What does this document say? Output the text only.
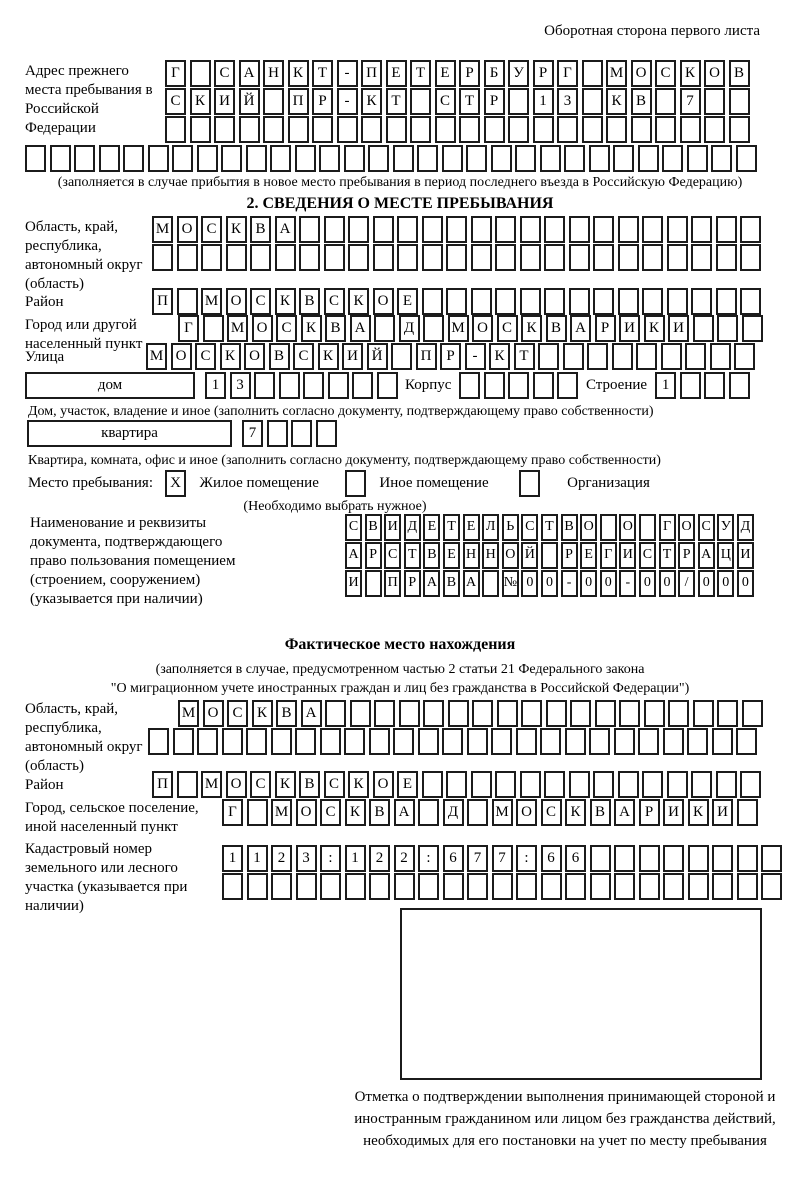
Оборотная сторона первого листа
Адрес прежнего места пребывания в Российской Федерации
Г	С А Н К Т - П Е Т Е Р Б У Р Г	М О С К О В
С К И Й	П Р - К Т	С Т Р	1 3	К В	7
(заполняется в случае прибытия в новое место пребывания в период последнего въезда в Российскую Федерацию)
2. СВЕДЕНИЯ О МЕСТЕ ПРЕБЫВАНИЯ
Область, край, республика, автономный округ (область)
М О С К В А
Район	П М О С К В С К О Е
Город или другой населенный пункт
Г	М О С К В А	Д М О С К В А Р И К И
Улица	М О С К О В С К И Й	П Р - К Т
дом	1 3	Корпус	Строение 1
Дом, участок, владение и иное (заполнить согласно документу, подтверждающему право собственности)
квартира	7
Квартира, комната, офис и иное (заполнить согласно документу, подтверждающему право собственности)
Место пребывания:	X	Жилое помещение	Иное помещение	Организация
(Необходимо выбрать нужное)
Наименование и реквизиты документа, подтверждающего право пользования помещением (строением, сооружением) (указывается при наличии)
С В И Д Е Т Е Л Ь С Т В О О Г О С У Д
А Р С Т В Е Н Н О Й Р Е Г И С Т Р А Ц И
И П Р А В А № 0 0 - 0 0 - 0 0 / 0 0 0
Фактическое место нахождения
(заполняется в случае, предусмотренном частью 2 статьи 21 Федерального закона
"О миграционном учете иностранных граждан и лиц без гражданства в Российской Федерации")
Область, край, республика, автономный округ (область)
М О С К В А
Район	П М О С К В С К О Е
Город, сельское поселение, иной населенный пункт
Г	М О С К В А	Д М О С К В А Р И К И
Кадастровый номер земельного или лесного участка (указывается при наличии)
1 1 2 3 : 1 2 2 : 6 7 7 : 6 6
Отметка о подтверждении выполнения принимающей стороной и иностранным гражданином или лицом без гражданства действий, необходимых для его постановки на учет по месту пребывания
